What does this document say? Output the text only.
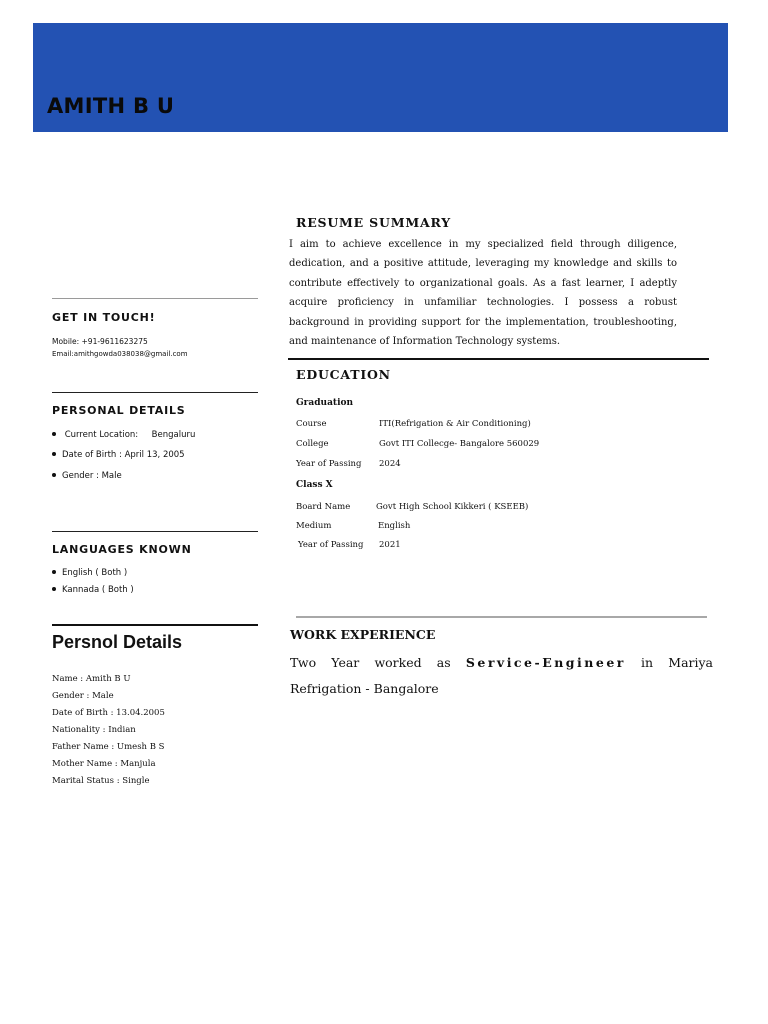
AMITH B U
GET IN TOUCH!
Mobile: +91-9611623275
Email:amithgowda038038@gmail.com
PERSONAL DETAILS
Current Location: Bengaluru
Date of Birth : April 13, 2005
Gender : Male
LANGUAGES KNOWN
English ( Both )
Kannada ( Both )
Persnol Details
Name : Amith B U
Gender : Male
Date of Birth : 13.04.2005
Nationality : Indian
Father Name : Umesh B S
Mother Name : Manjula
Marital Status : Single
RESUME SUMMARY

I aim to achieve excellence in my specialized field through diligence, dedication, and a positive attitude, leveraging my knowledge and skills to contribute effectively to organizational goals. As a fast learner, I adeptly acquire proficiency in unfamiliar technologies. I possess a robust background in providing support for the implementation, troubleshooting, and maintenance of Information Technology systems.

EDUCATION
Graduation
Course	ITI(Refrigation & Air Conditioning)
College	Govt ITI Collecge- Bangalore 560029
Year of Passing 2024
Class X
Board Name	Govt High School Kikkeri ( KSEEB)
Medium	English
Year of Passing 2021
WORK EXPERIENCE

Two Year worked as Service-Engineer in Mariya Refrigation - Bangalore
